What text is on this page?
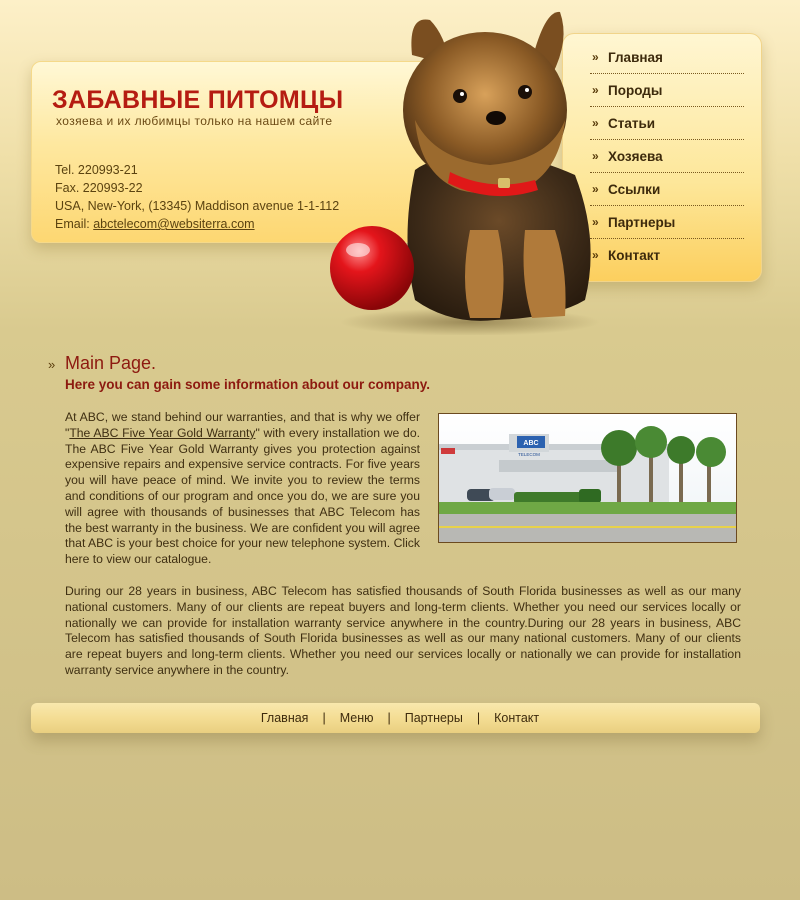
ЗАБАВНЫЕ ПИТОМЦЫ
хозяева и их любимцы только на нашем сайте
Tel. 220993-21
Fax. 220993-22
USA, New-York, (13345) Maddison avenue 1-1-112
Email: abctelecom@websiterra.com
» Главная
» Породы
» Статьи
» Хозяева
» Ссылки
» Партнеры
» Контакт
» Main Page.
Here you can gain some information about our company.
ABC
TELECOM

At ABC, we stand behind our warranties, and that is why we offer "The ABC Five Year Gold Warranty" with every installation we do. The ABC Five Year Gold Warranty gives you protection against expensive repairs and expensive service contracts. For five years you will have peace of mind. We invite you to review the terms and conditions of our program and once you do, we are sure you will agree with thousands of businesses that ABC Telecom has the best warranty in the business. We are confident you will agree that ABC is your best choice for your new telephone system. Click here to view our catalogue.

During our 28 years in business, ABC Telecom has satisfied thousands of South Florida businesses as well as our many national customers. Many of our clients are repeat buyers and long-term clients. Whether you need our services locally or nationally we can provide for installation warranty service anywhere in the country.During our 28 years in business, ABC Telecom has satisfied thousands of South Florida businesses as well as our many national customers. Many of our clients are repeat buyers and long-term clients. Whether you need our services locally or nationally we can provide for installation warranty service anywhere in the country.

Главная | Меню | Партнеры | Контакт
